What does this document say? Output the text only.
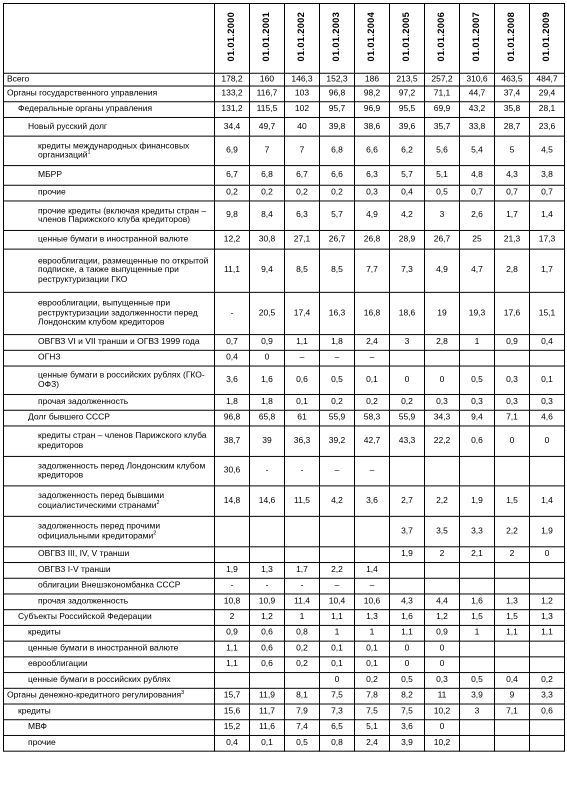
	01.01.2000	01.01.2001	01.01.2002	01.01.2003	01.01.2004	01.01.2005	01.01.2006	01.01.2007	01.01.2008	01.01.2009
Всего	178,2	160	146,3	152,3	186	213,5	257,2	310,6	463,5	484,7
Органы государственного управления	133,2	116,7	103	96,8	98,2	97,2	71,1	44,7	37,4	29,4
Федеральные органы управления	131,2	115,5	102	95,7	96,9	95,5	69,9	43,2	35,8	28,1
Новый русский долг	34,4	49,7	40	39,8	38,6	39,6	35,7	33,8	28,7	23,6
кредиты международных финансовых организаций$^1$	6,9	7	7	6,8	6,6	6,2	5,6	5,4	5	4,5
МБРР	6,7	6,8	6,7	6,6	6,3	5,7	5,1	4,8	4,3	3,8
прочие	0,2	0,2	0,2	0,2	0,3	0,4	0,5	0,7	0,7	0,7
прочие кредиты (включая кредиты стран – членов Парижского клуба кредиторов)	9,8	8,4	6,3	5,7	4,9	4,2	3	2,6	1,7	1,4
ценные бумаги в иностранной валюте	12,2	30,8	27,1	26,7	26,8	28,9	26,7	25	21,3	17,3
еврооблигации, размещенные по открытой подписке, а также выпущенные при реструктуризации ГКО	11,1	9,4	8,5	8,5	7,7	7,3	4,9	4,7	2,8	1,7
еврооблигации, выпущенные при реструктуризации задолженности перед Лондонским клубом кредиторов	-	20,5	17,4	16,3	16,8	18,6	19	19,3	17,6	15,1
ОВГВЗ VI и VII транши и ОГВЗ 1999 года	0,7	0,9	1,1	1,8	2,4	3	2,8	1	0,9	0,4
ОГНЗ	0,4	0	–	–	–					
ценные бумаги в российских рублях (ГКО-ОФЗ)	3,6	1,6	0,6	0,5	0,1	0	0	0,5	0,3	0,1
прочая задолженность	1,8	1,8	0,1	0,2	0,2	0,2	0,3	0,3	0,3	0,3
Долг бывшего СССР	96,8	65,8	61	55,9	58,3	55,9	34,3	9,4	7,1	4,6
кредиты стран – членов Парижского клуба кредиторов	38,7	39	36,3	39,2	42,7	43,3	22,2	0,6	0	0
задолженность перед Лондонским клубом кредиторов	30,6	-	-	–	–					
задолженность перед бывшими социалистическими странами$^2$	14,8	14,6	11,5	4,2	3,6	2,7	2,2	1,9	1,5	1,4
задолженность перед прочими официальными кредиторами$^2$						3,7	3,5	3,3	2,2	1,9
ОВГВЗ III, IV, V транши						1,9	2	2,1	2	0
ОВГВЗ I-V транши	1,9	1,3	1,7	2,2	1,4					
облигации Внешэкономбанка СССР	-	-	-	–	–					
прочая задолженность	10,8	10,9	11,4	10,4	10,6	4,3	4,4	1,6	1,3	1,2
Субъекты Российской Федерации	2	1,2	1	1,1	1,3	1,6	1,2	1,5	1,5	1,3
кредиты	0,9	0,6	0,8	1	1	1,1	0,9	1	1,1	1,1
ценные бумаги в иностранной валюте	1,1	0,6	0,2	0,1	0,1	0	0			
еврооблигации	1,1	0,6	0,2	0,1	0,1	0	0			
ценные бумаги в российских рублях				0	0,2	0,5	0,3	0,5	0,4	0,2
Органы денежно-кредитного регулирования$^3$	15,7	11,9	8,1	7,5	7,8	8,2	11	3,9	9	3,3
кредиты	15,6	11,7	7,9	7,3	7,5	7,5	10,2	3	7,1	0,6
МВФ	15,2	11,6	7,4	6,5	5,1	3,6	0			
прочие	0,4	0,1	0,5	0,8	2,4	3,9	10,2			
